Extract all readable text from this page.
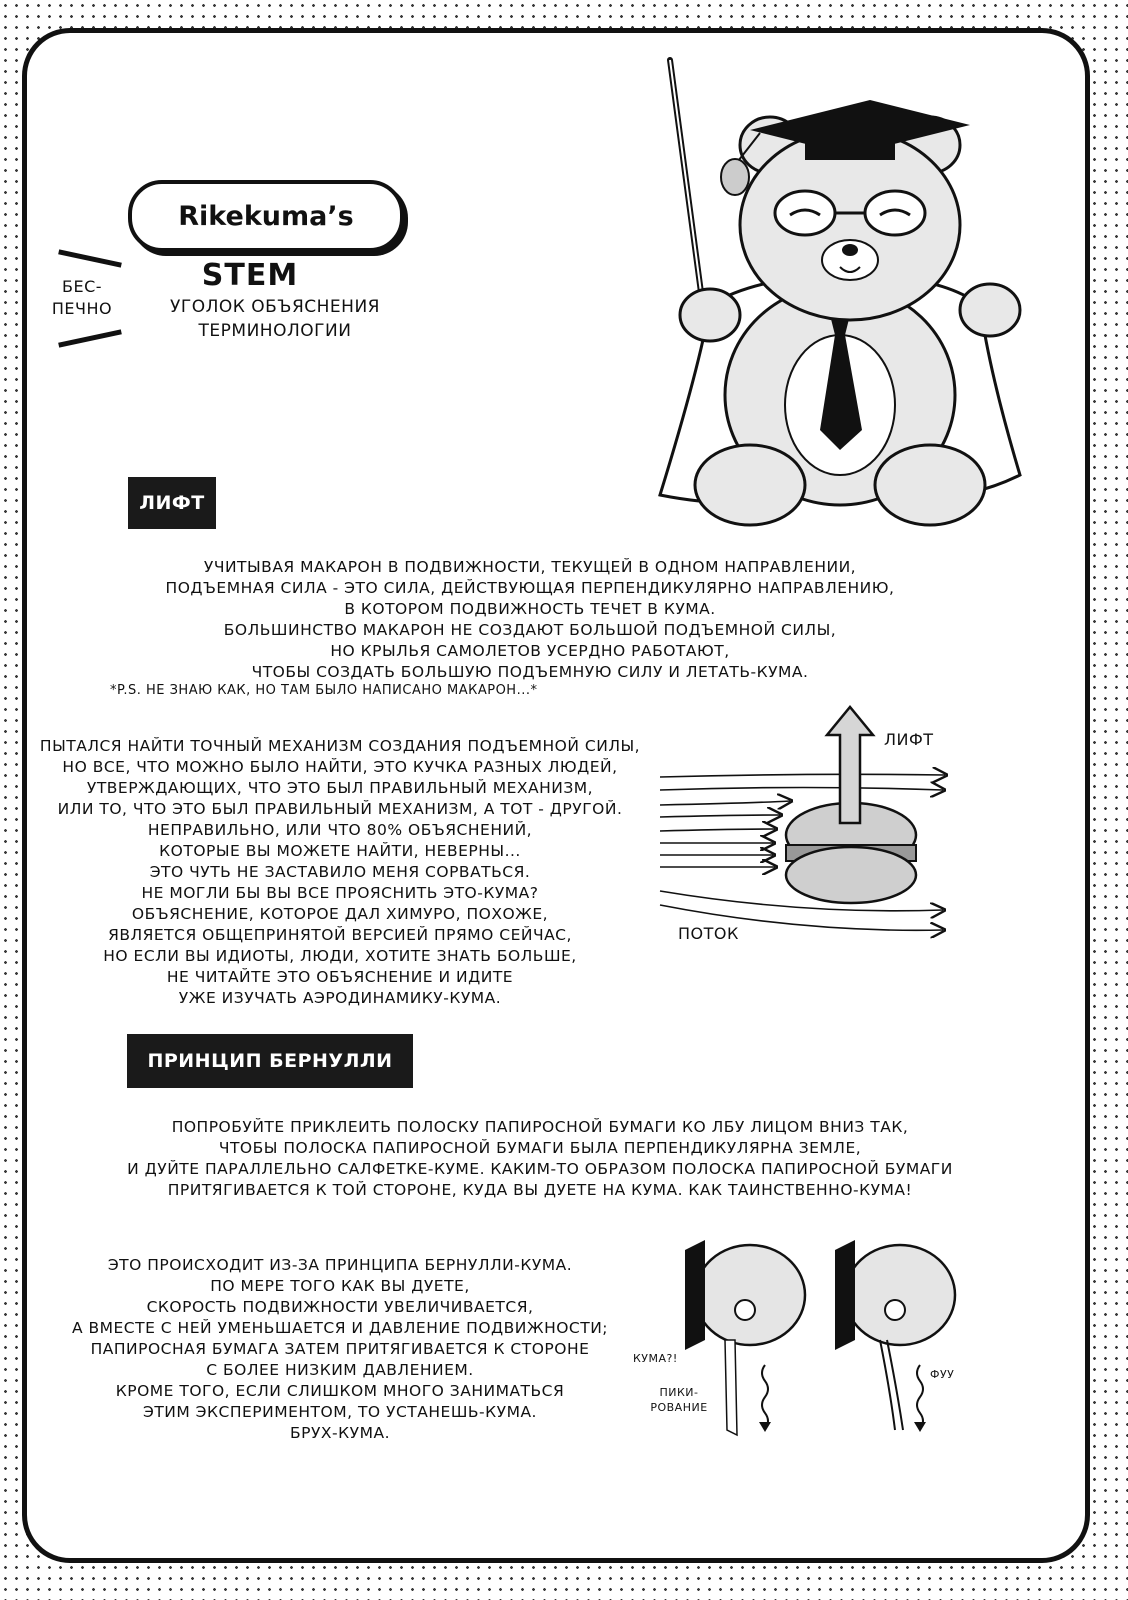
Rikekuma’s
STEM
УГОЛОК ОБЪЯСНЕНИЯ
ТЕРМИНОЛОГИИ
БЕС-
ПЕЧНО
ЛИФТ
УЧИТЫВАЯ МАКАРОН В ПОДВИЖНОСТИ, ТЕКУЩЕЙ В ОДНОМ НАПРАВЛЕНИИ,
ПОДЪЕМНАЯ СИЛА - ЭТО СИЛА, ДЕЙСТВУЮЩАЯ ПЕРПЕНДИКУЛЯРНО НАПРАВЛЕНИЮ,
В КОТОРОМ ПОДВИЖНОСТЬ ТЕЧЕТ В КУМА.
БОЛЬШИНСТВО МАКАРОН НЕ СОЗДАЮТ БОЛЬШОЙ ПОДЪЕМНОЙ СИЛЫ,
НО КРЫЛЬЯ САМОЛЕТОВ УСЕРДНО РАБОТАЮТ,
ЧТОБЫ СОЗДАТЬ БОЛЬШУЮ ПОДЪЕМНУЮ СИЛУ И ЛЕТАТЬ-КУМА.
*P.S. НЕ ЗНАЮ КАК, НО ТАМ БЫЛО НАПИСАНО МАКАРОН...*
ПЫТАЛСЯ НАЙТИ ТОЧНЫЙ МЕХАНИЗМ СОЗДАНИЯ ПОДЪЕМНОЙ СИЛЫ,
НО ВСЕ, ЧТО МОЖНО БЫЛО НАЙТИ, ЭТО КУЧКА РАЗНЫХ ЛЮДЕЙ,
УТВЕРЖДАЮЩИХ, ЧТО ЭТО БЫЛ ПРАВИЛЬНЫЙ МЕХАНИЗМ,
ИЛИ ТО, ЧТО ЭТО БЫЛ ПРАВИЛЬНЫЙ МЕХАНИЗМ, А ТОТ - ДРУГОЙ.
НЕПРАВИЛЬНО, ИЛИ ЧТО 80% ОБЪЯСНЕНИЙ,
КОТОРЫЕ ВЫ МОЖЕТЕ НАЙТИ, НЕВЕРНЫ...
ЭТО ЧУТЬ НЕ ЗАСТАВИЛО МЕНЯ СОРВАТЬСЯ.
НЕ МОГЛИ БЫ ВЫ ВСЕ ПРОЯСНИТЬ ЭТО-КУМА?
ОБЪЯСНЕНИЕ, КОТОРОЕ ДАЛ ХИМУРО, ПОХОЖЕ,
ЯВЛЯЕТСЯ ОБЩЕПРИНЯТОЙ ВЕРСИЕЙ ПРЯМО СЕЙЧАС,
НО ЕСЛИ ВЫ ИДИОТЫ, ЛЮДИ, ХОТИТЕ ЗНАТЬ БОЛЬШЕ,
НЕ ЧИТАЙТЕ ЭТО ОБЪЯСНЕНИЕ И ИДИТЕ
УЖЕ ИЗУЧАТЬ АЭРОДИНАМИКУ-КУМА.
ЛИФТ
ПОТОК
ПРИНЦИП БЕРНУЛЛИ
ПОПРОБУЙТЕ ПРИКЛЕИТЬ ПОЛОСКУ ПАПИРОСНОЙ БУМАГИ КО ЛБУ ЛИЦОМ ВНИЗ ТАК,
ЧТОБЫ ПОЛОСКА ПАПИРОСНОЙ БУМАГИ БЫЛА ПЕРПЕНДИКУЛЯРНА ЗЕМЛЕ,
И ДУЙТЕ ПАРАЛЛЕЛЬНО САЛФЕТКЕ-КУМЕ. КАКИМ-ТО ОБРАЗОМ ПОЛОСКА ПАПИРОСНОЙ БУМАГИ
ПРИТЯГИВАЕТСЯ К ТОЙ СТОРОНЕ, КУДА ВЫ ДУЕТЕ НА КУМА. КАК ТАИНСТВЕННО-КУМА!
ЭТО ПРОИСХОДИТ ИЗ-ЗА ПРИНЦИПА БЕРНУЛЛИ-КУМА.
ПО МЕРЕ ТОГО КАК ВЫ ДУЕТЕ,
СКОРОСТЬ ПОДВИЖНОСТИ УВЕЛИЧИВАЕТСЯ,
А ВМЕСТЕ С НЕЙ УМЕНЬШАЕТСЯ И ДАВЛЕНИЕ ПОДВИЖНОСТИ;
ПАПИРОСНАЯ БУМАГА ЗАТЕМ ПРИТЯГИВАЕТСЯ К СТОРОНЕ
С БОЛЕЕ НИЗКИМ ДАВЛЕНИЕМ.
КРОМЕ ТОГО, ЕСЛИ СЛИШКОМ МНОГО ЗАНИМАТЬСЯ
ЭТИМ ЭКСПЕРИМЕНТОМ, ТО УСТАНЕШЬ-КУМА.
БРУХ-КУМА.
КУМА?!
ПИКИ-
РОВАНИЕ
ФУУ
